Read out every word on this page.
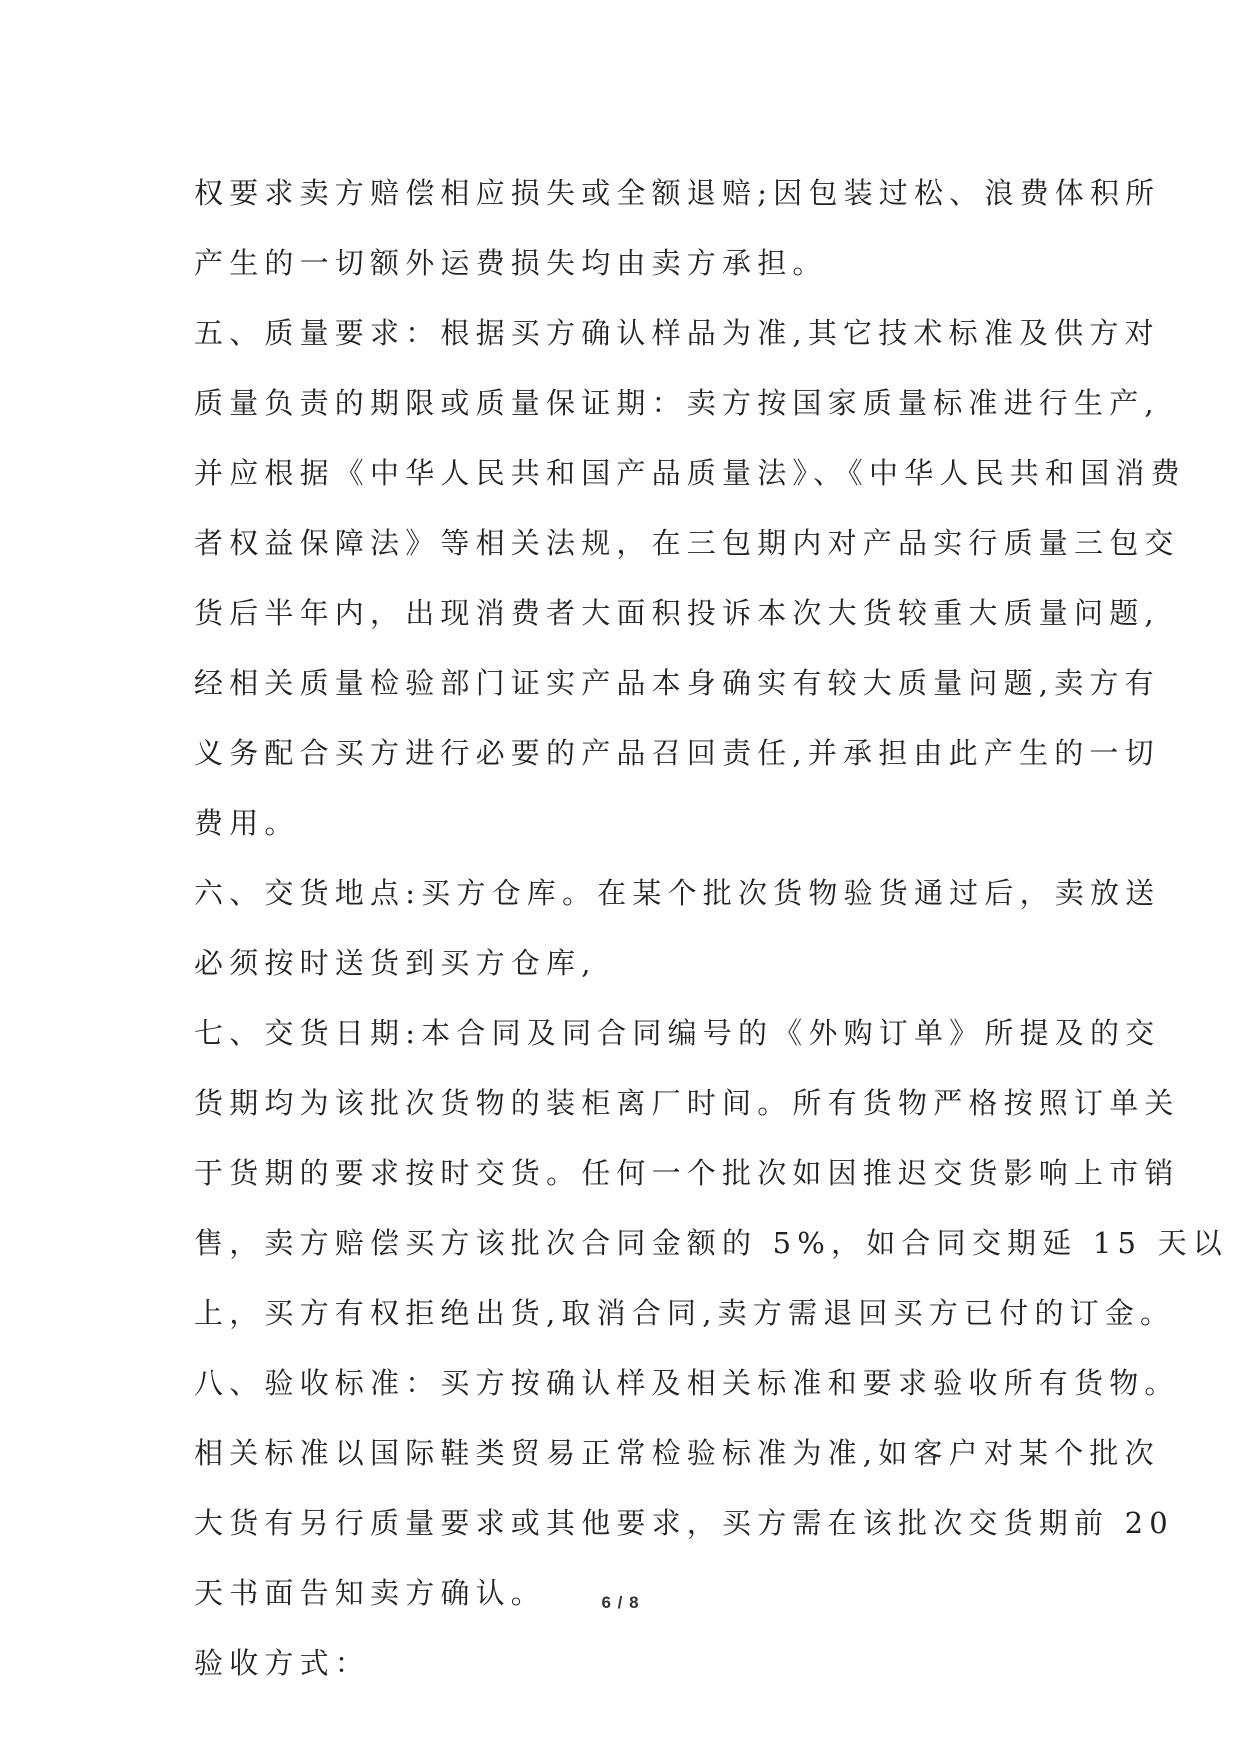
权要求卖方赔偿相应损失或全额退赔;因包装过松、浪费体积所
产生的一切额外运费损失均由卖方承担。
五、质量要求：根据买方确认样品为准,其它技术标准及供方对
质量负责的期限或质量保证期：卖方按国家质量标准进行生产,
并应根据《中华人民共和国产品质量法》、《中华人民共和国消费
者权益保障法》等相关法规，在三包期内对产品实行质量三包交
货后半年内，出现消费者大面积投诉本次大货较重大质量问题,
经相关质量检验部门证实产品本身确实有较大质量问题,卖方有
义务配合买方进行必要的产品召回责任,并承担由此产生的一切
费用。
六、交货地点:买方仓库。在某个批次货物验货通过后，卖放送
必须按时送货到买方仓库,
七、交货日期:本合同及同合同编号的《外购订单》所提及的交
货期均为该批次货物的装柜离厂时间。所有货物严格按照订单关
于货期的要求按时交货。任何一个批次如因推迟交货影响上市销
售，卖方赔偿买方该批次合同金额的 5%，如合同交期延 15 天以
上，买方有权拒绝出货,取消合同,卖方需退回买方已付的订金。
八、验收标准：买方按确认样及相关标准和要求验收所有货物。
相关标准以国际鞋类贸易正常检验标准为准,如客户对某个批次
大货有另行质量要求或其他要求，买方需在该批次交货期前 20
天书面告知卖方确认。
验收方式：
6 / 8
